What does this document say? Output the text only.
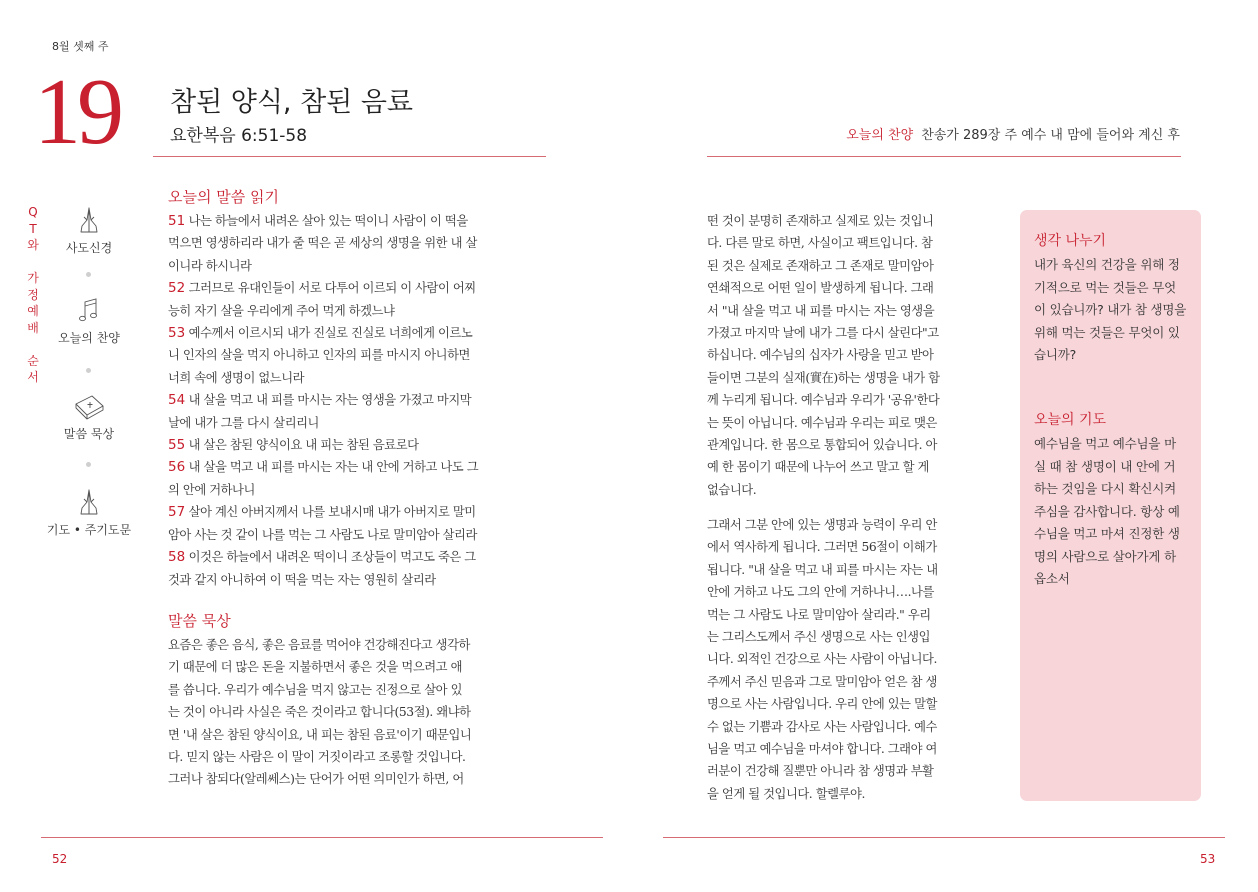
8월 셋째 주
19 참된 양식, 참된 음료
요한복음 6:51-58
Q
T
와
가
정
예
배
순
서
사도신경
오늘의 찬양
말씀 묵상
기도 • 주기도문
오늘의 말씀 읽기
51 나는 하늘에서 내려온 살아 있는 떡이니 사람이 이 떡을
먹으면 영생하리라 내가 줄 떡은 곧 세상의 생명을 위한 내 살
이니라 하시니라
52 그러므로 유대인들이 서로 다투어 이르되 이 사람이 어찌
능히 자기 살을 우리에게 주어 먹게 하겠느냐
53 예수께서 이르시되 내가 진실로 진실로 너희에게 이르노
니 인자의 살을 먹지 아니하고 인자의 피를 마시지 아니하면
너희 속에 생명이 없느니라
54 내 살을 먹고 내 피를 마시는 자는 영생을 가졌고 마지막
날에 내가 그를 다시 살리리니
55 내 살은 참된 양식이요 내 피는 참된 음료로다
56 내 살을 먹고 내 피를 마시는 자는 내 안에 거하고 나도 그
의 안에 거하나니
57 살아 계신 아버지께서 나를 보내시매 내가 아버지로 말미
암아 사는 것 같이 나를 먹는 그 사람도 나로 말미암아 살리라
58 이것은 하늘에서 내려온 떡이니 조상들이 먹고도 죽은 그
것과 같지 아니하여 이 떡을 먹는 자는 영원히 살리라
말씀 묵상
요즘은 좋은 음식, 좋은 음료를 먹어야 건강해진다고 생각하
기 때문에 더 많은 돈을 지불하면서 좋은 것을 먹으려고 애
를 씁니다. 우리가 예수님을 먹지 않고는 진정으로 살아 있
는 것이 아니라 사실은 죽은 것이라고 합니다(53절). 왜냐하
면 '내 살은 참된 양식이요, 내 피는 참된 음료'이기 때문입니
다. 믿지 않는 사람은 이 말이 거짓이라고 조롱할 것입니다.
그러나 참되다(알레쎄스)는 단어가 어떤 의미인가 하면, 어
52
오늘의 찬양 찬송가 289장 주 예수 내 맘에 들어와 계신 후
떤 것이 분명히 존재하고 실제로 있는 것입니
다. 다른 말로 하면, 사실이고 팩트입니다. 참
된 것은 실제로 존재하고 그 존재로 말미암아
연쇄적으로 어떤 일이 발생하게 됩니다. 그래
서 "내 살을 먹고 내 피를 마시는 자는 영생을
가졌고 마지막 날에 내가 그를 다시 살린다"고
하십니다. 예수님의 십자가 사랑을 믿고 받아
들이면 그분의 실재(實在)하는 생명을 내가 함
께 누리게 됩니다. 예수님과 우리가 '공유'한다
는 뜻이 아닙니다. 예수님과 우리는 피로 맺은
관계입니다. 한 몸으로 통합되어 있습니다. 아
예 한 몸이기 때문에 나누어 쓰고 말고 할 게
없습니다.
그래서 그분 안에 있는 생명과 능력이 우리 안
에서 역사하게 됩니다. 그러면 56절이 이해가
됩니다. "내 살을 먹고 내 피를 마시는 자는 내
안에 거하고 나도 그의 안에 거하나니….나를
먹는 그 사람도 나로 말미암아 살리라." 우리
는 그리스도께서 주신 생명으로 사는 인생입
니다. 외적인 건강으로 사는 사람이 아닙니다.
주께서 주신 믿음과 그로 말미암아 얻은 참 생
명으로 사는 사람입니다. 우리 안에 있는 말할
수 없는 기쁨과 감사로 사는 사람입니다. 예수
님을 먹고 예수님을 마셔야 합니다. 그래야 여
러분이 건강해 질뿐만 아니라 참 생명과 부활
을 얻게 될 것입니다. 할렐루야.
생각 나누기
내가 육신의 건강을 위해 정
기적으로 먹는 것들은 무엇
이 있습니까? 내가 참 생명을
위해 먹는 것들은 무엇이 있
습니까?
오늘의 기도
예수님을 먹고 예수님을 마
실 때 참 생명이 내 안에 거
하는 것임을 다시 확신시켜
주심을 감사합니다. 항상 예
수님을 먹고 마셔 진정한 생
명의 사람으로 살아가게 하
옵소서
53
